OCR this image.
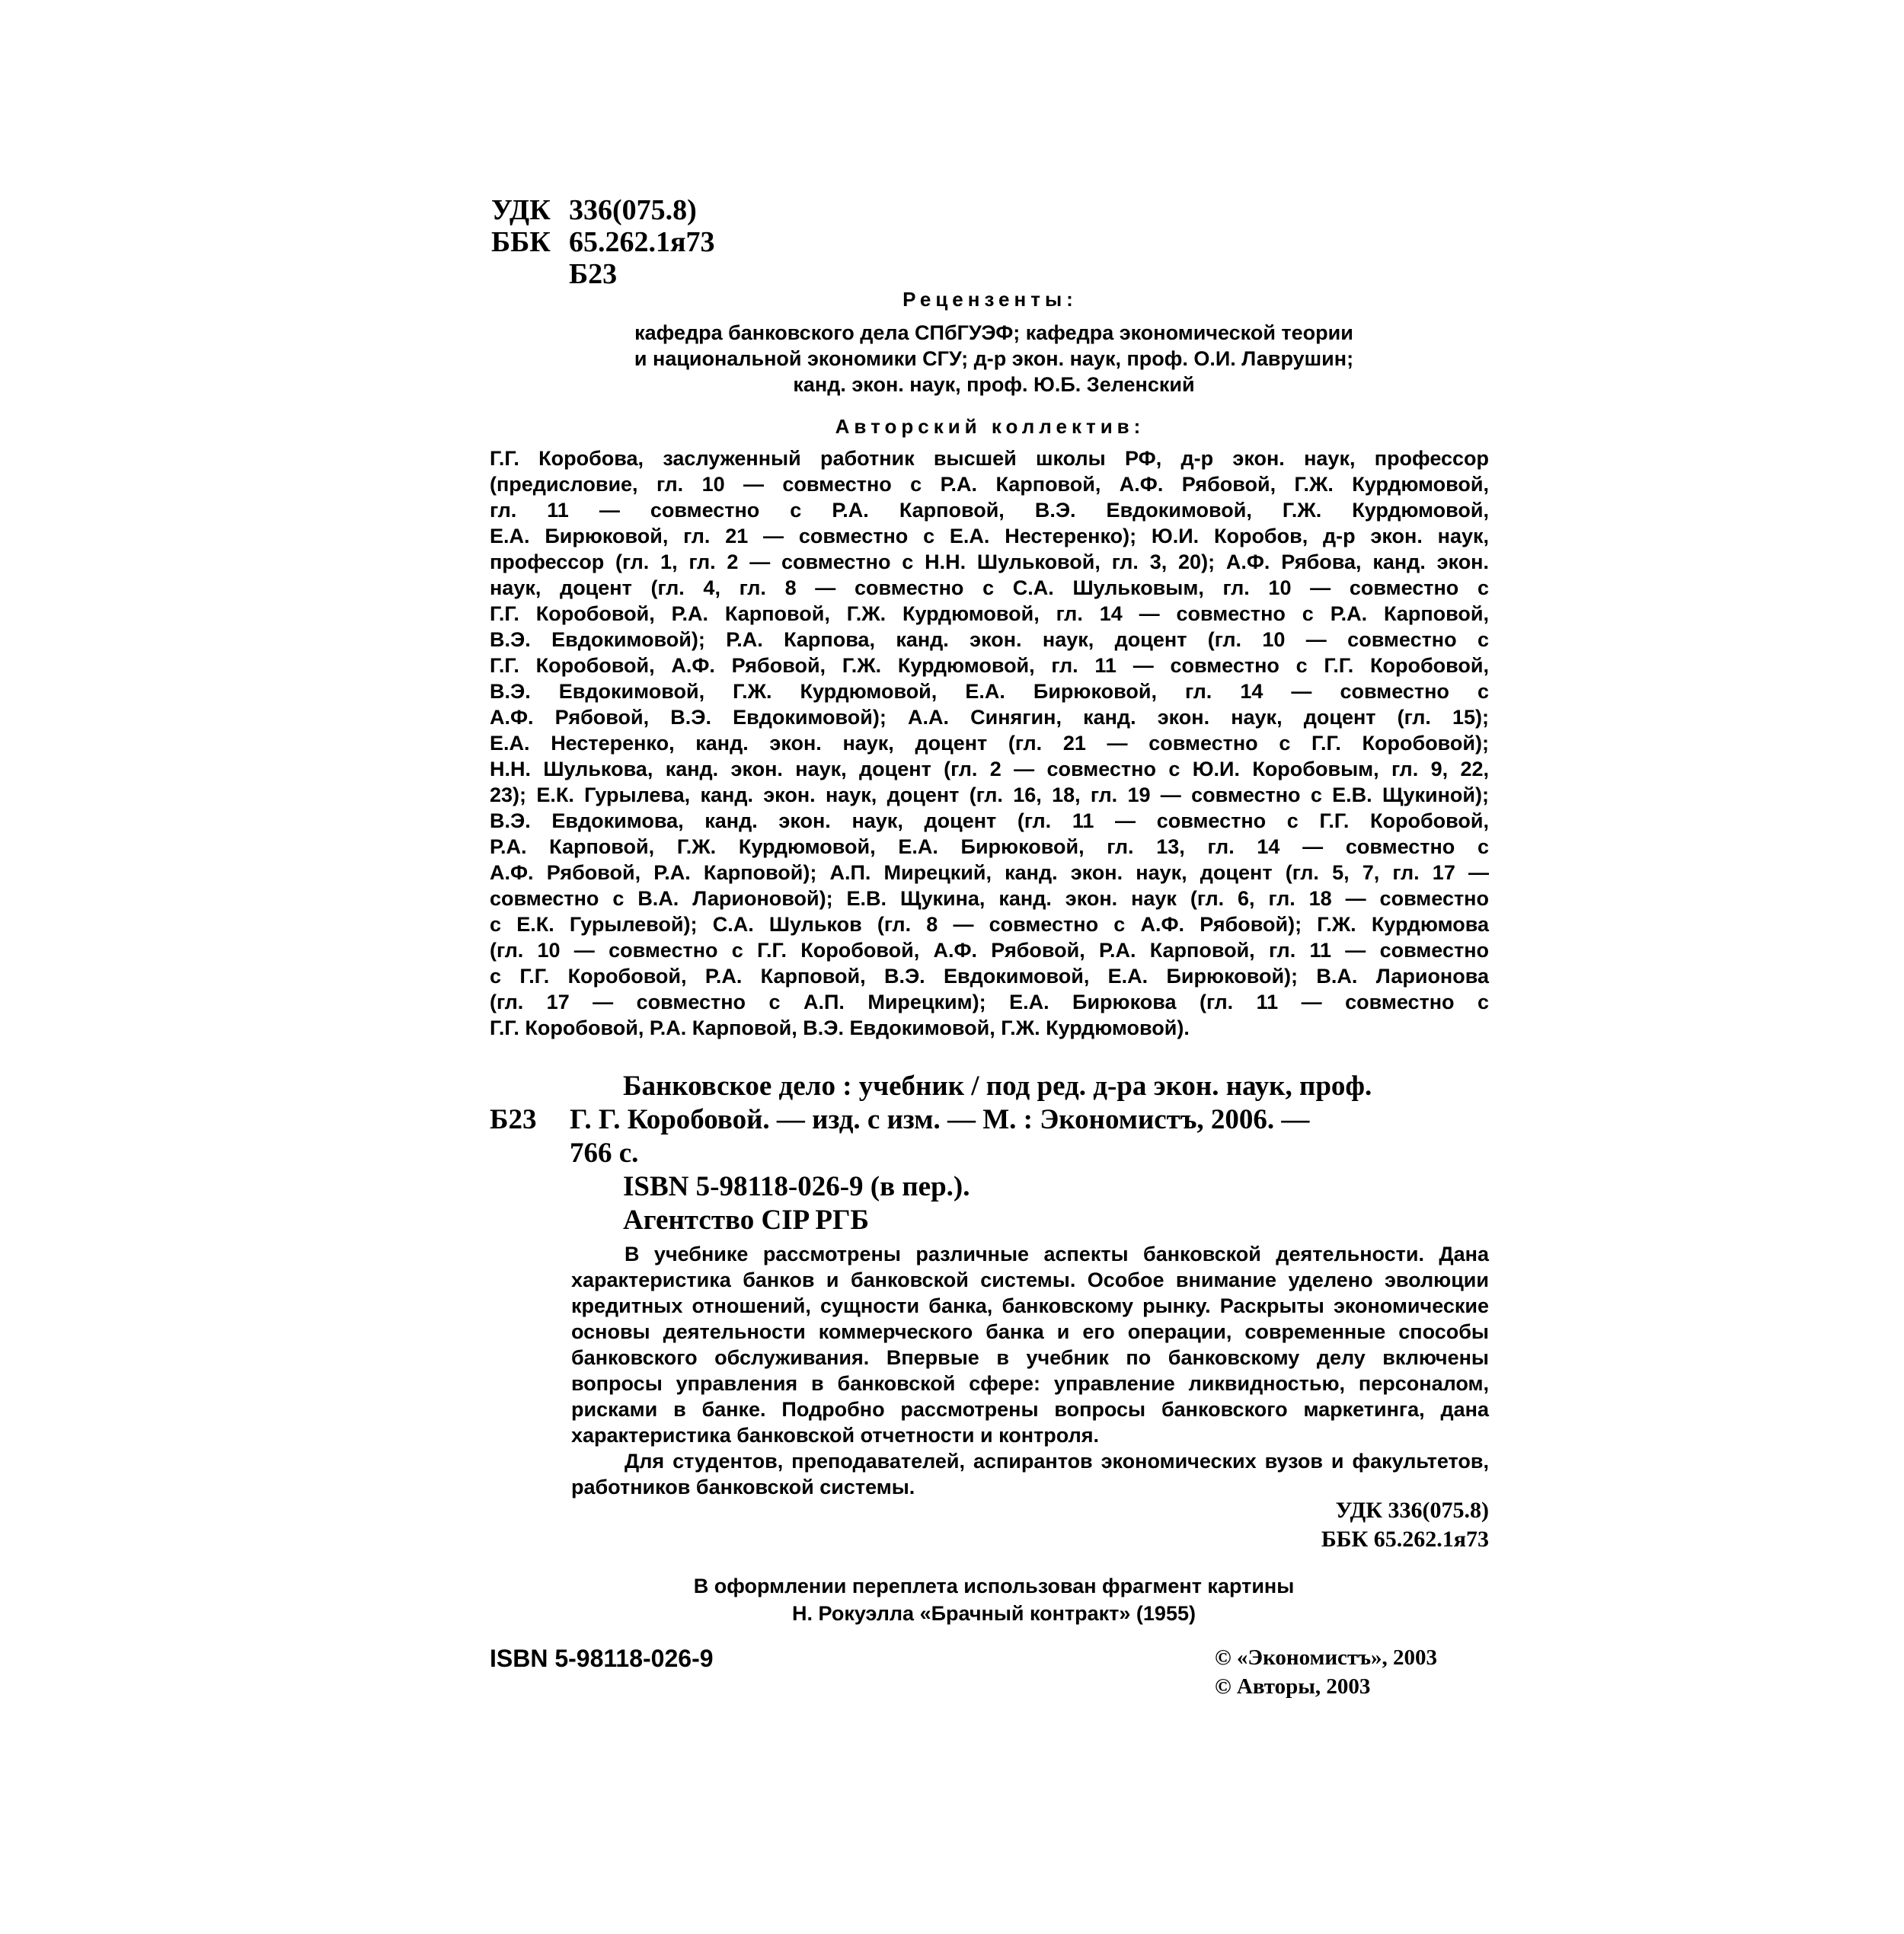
УДК 336(075.8)
ББК 65.262.1я73
Б23
Рецензенты:
кафедра банковского дела СПбГУЭФ; кафедра экономической теории
и национальной экономики СГУ; д-р экон. наук, проф. О.И. Лаврушин;
канд. экон. наук, проф. Ю.Б. Зеленский
Авторский коллектив:

Г.Г. Коробова, заслуженный работник высшей школы РФ, д-р экон. наук, профессор

(предисловие, гл. 10 — совместно с Р.А. Карповой, А.Ф. Рябовой, Г.Ж. Курдюмовой,

гл. 11 — совместно с Р.А. Карповой, В.Э. Евдокимовой, Г.Ж. Курдюмовой,

Е.А. Бирюковой, гл. 21 — совместно с Е.А. Нестеренко); Ю.И. Коробов, д-р экон. наук,

профессор (гл. 1, гл. 2 — совместно с Н.Н. Шульковой, гл. 3, 20); А.Ф. Рябова, канд. экон.

наук, доцент (гл. 4, гл. 8 — совместно с С.А. Шульковым, гл. 10 — совместно с

Г.Г. Коробовой, Р.А. Карповой, Г.Ж. Курдюмовой, гл. 14 — совместно с Р.А. Карповой,

В.Э. Евдокимовой); Р.А. Карпова, канд. экон. наук, доцент (гл. 10 — совместно с

Г.Г. Коробовой, А.Ф. Рябовой, Г.Ж. Курдюмовой, гл. 11 — совместно с Г.Г. Коробовой,

В.Э. Евдокимовой, Г.Ж. Курдюмовой, Е.А. Бирюковой, гл. 14 — совместно с

А.Ф. Рябовой, В.Э. Евдокимовой); А.А. Синягин, канд. экон. наук, доцент (гл. 15);

Е.А. Нестеренко, канд. экон. наук, доцент (гл. 21 — совместно с Г.Г. Коробовой);

Н.Н. Шулькова, канд. экон. наук, доцент (гл. 2 — совместно с Ю.И. Коробовым, гл. 9, 22,

23); Е.К. Гурылева, канд. экон. наук, доцент (гл. 16, 18, гл. 19 — совместно с Е.В. Щукиной);

В.Э. Евдокимова, канд. экон. наук, доцент (гл. 11 — совместно с Г.Г. Коробовой,

Р.А. Карповой, Г.Ж. Курдюмовой, Е.А. Бирюковой, гл. 13, гл. 14 — совместно с

А.Ф. Рябовой, Р.А. Карповой); А.П. Мирецкий, канд. экон. наук, доцент (гл. 5, 7, гл. 17 —

совместно с В.А. Ларионовой); Е.В. Щукина, канд. экон. наук (гл. 6, гл. 18 — совместно

с Е.К. Гурылевой); С.А. Шульков (гл. 8 — совместно с А.Ф. Рябовой); Г.Ж. Курдюмова

(гл. 10 — совместно с Г.Г. Коробовой, А.Ф. Рябовой, Р.А. Карповой, гл. 11 — совместно

с Г.Г. Коробовой, Р.А. Карповой, В.Э. Евдокимовой, Е.А. Бирюковой); В.А. Ларионова

(гл. 17 — совместно с А.П. Мирецким); Е.А. Бирюкова (гл. 11 — совместно с

Г.Г. Коробовой, Р.А. Карповой, В.Э. Евдокимовой, Г.Ж. Курдюмовой).

Банковское дело : учебник / под ред. д-ра экон. наук, проф.
Б23 Г. Г. Коробовой. — изд. с изм. — М. : Экономистъ, 2006. —
766 с.
ISBN 5-98118-026-9 (в пер.).
Агентство CIP РГБ

В учебнике рассмотрены различные аспекты банковской деятельности. Дана характеристика банков и банковской системы. Особое внимание уделено эволюции кредитных отношений, сущности банка, банковскому рынку. Раскрыты экономические основы деятельности коммерческого банка и его операции, современные способы банковского обслуживания. Впервые в учебник по банковскому делу включены вопросы управления в банковской сфере: управление ликвидностью, персоналом, рисками в банке. Подробно рассмотрены вопросы банковского маркетинга, дана характеристика банковской отчетности и контроля.

Для студентов, преподавателей, аспирантов экономических вузов и факультетов, работников банковской системы.

УДК 336(075.8)
ББК 65.262.1я73
В оформлении переплета использован фрагмент картины
Н. Рокуэлла «Брачный контракт» (1955)
ISBN 5-98118-026-9	© «Экономистъ», 2003
© Авторы, 2003
